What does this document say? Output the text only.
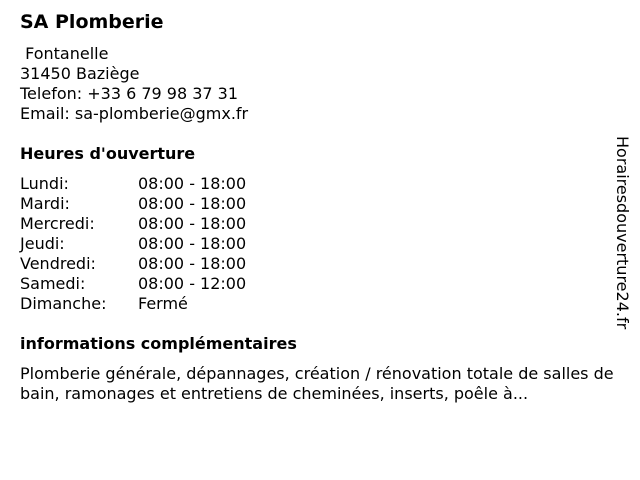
SA Plomberie
Fontanelle
31450 Baziège
Telefon: +33 6 79 98 37 31
Email: sa-plomberie@gmx.fr
Heures d'ouverture
Lundi:	08:00 - 18:00
Mardi:	08:00 - 18:00
Mercredi:	08:00 - 18:00
Jeudi:	08:00 - 18:00
Vendredi:	08:00 - 18:00
Samedi:	08:00 - 12:00
Dimanche: Fermé
informations complémentaires
Plomberie générale, dépannages, création / rénovation totale de salles de bain, ramonages et entretiens de cheminées, inserts, poêle à...
Horairesdouverture24.fr
